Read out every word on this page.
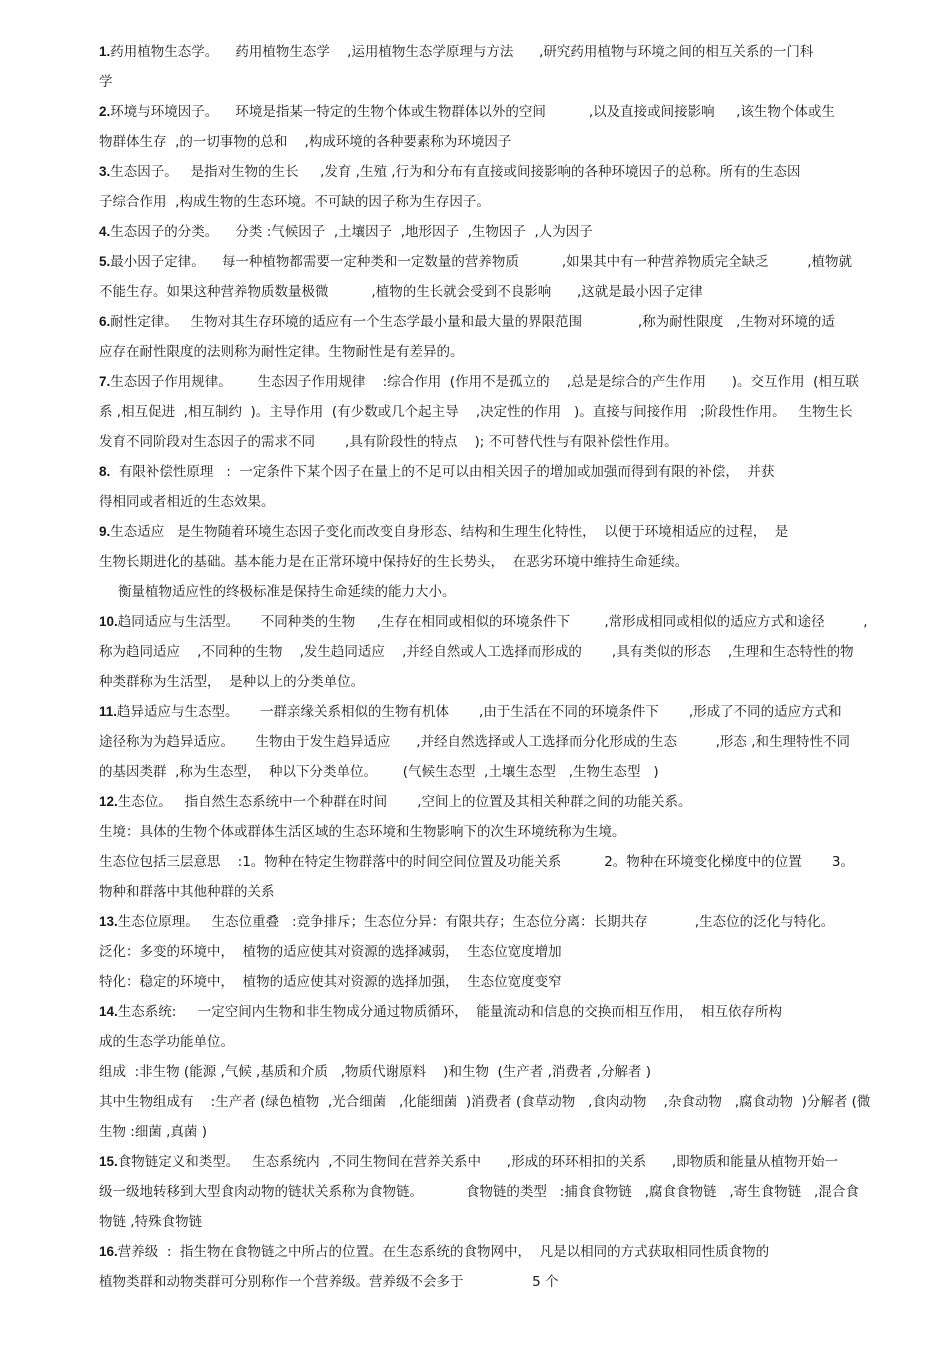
1.药用植物生态学。    药用植物生态学    ,运用植物生态学原理与方法      ,研究药用植物与环境之间的相互关系的一门科
学
2.环境与环境因子。    环境是指某一特定的生物个体或生物群体以外的空间          ,以及直接或间接影响     ,该生物个体或生
物群体生存  ,的一切事物的总和    ,构成环境的各种要素称为环境因子
3.生态因子。   是指对生物的生长     ,发育 ,生殖 ,行为和分布有直接或间接影响的各种环境因子的总称。所有的生态因
子综合作用  ,构成生物的生态环境。不可缺的因子称为生存因子。
4.生态因子的分类。    分类 :气候因子  ,土壤因子  ,地形因子  ,生物因子  ,人为因子
5.最小因子定律。    每一种植物都需要一定种类和一定数量的营养物质          ,如果其中有一种营养物质完全缺乏         ,植物就
不能生存。如果这种营养物质数量极微          ,植物的生长就会受到不良影响      ,这就是最小因子定律
6.耐性定律。   生物对其生存环境的适应有一个生态学最小量和最大量的界限范围             ,称为耐性限度   ,生物对环境的适
应存在耐性限度的法则称为耐性定律。生物耐性是有差异的。
7.生态因子作用规律。      生态因子作用规律    :综合作用  (作用不是孤立的    ,总是是综合的产生作用      )。交互作用  (相互联
系 ,相互促进  ,相互制约  )。主导作用  (有少数或几个起主导    ,决定性的作用   )。直接与间接作用   ;阶段性作用。   生物生长
发育不同阶段对生态因子的需求不同       ,具有阶段性的特点    ); 不可替代性与有限补偿性作用。
8.  有限补偿性原理   :  一定条件下某个因子在量上的不足可以由相关因子的增加或加强而得到有限的补偿，  并获
得相同或者相近的生态效果。
9.生态适应   是生物随着环境生态因子变化而改变自身形态、结构和生理生化特性，  以便于环境相适应的过程，  是
生物长期进化的基础。基本能力是在正常环境中保持好的生长势头，  在恶劣环境中维持生命延续。
衡量植物适应性的终极标准是保持生命延续的能力大小。
10.趋同适应与生活型。     不同种类的生物     ,生存在相同或相似的环境条件下        ,常形成相同或相似的适应方式和途径         ,
称为趋同适应    ,不同种的生物    ,发生趋同适应    ,并经自然或人工选择而形成的       ,具有类似的形态    ,生理和生态特性的物
种类群称为生活型，  是种以上的分类单位。
11.趋异适应与生态型。     一群亲缘关系相似的生物有机体       ,由于生活在不同的环境条件下       ,形成了不同的适应方式和
途径称为为趋异适应。     生物由于发生趋异适应      ,并经自然选择或人工选择而分化形成的生态         ,形态 ,和生理特性不同
的基因类群  ,称为生态型，  种以下分类单位。      (气候生态型  ,土壤生态型   ,生物生态型   )
12.生态位。   指自然生态系统中一个种群在时间       ,空间上的位置及其相关种群之间的功能关系。
生境：具体的生物个体或群体生活区域的生态环境和生物影响下的次生环境统称为生境。
生态位包括三层意思    :1。物种在特定生物群落中的时间空间位置及功能关系          2。物种在环境变化梯度中的位置       3。
物种和群落中其他种群的关系
13.生态位原理。   生态位重叠   :竞争排斥；生态位分异：有限共存；生态位分离：长期共存           ,生态位的泛化与特化。
泛化：多变的环境中，  植物的适应使其对资源的选择减弱，  生态位宽度增加
特化：稳定的环境中，  植物的适应使其对资源的选择加强，  生态位宽度变窄
14.生态系统:     一定空间内生物和非生物成分通过物质循环，  能量流动和信息的交换而相互作用，  相互依存所构
成的生态学功能单位。
组成  :非生物 (能源 ,气候 ,基质和介质   ,物质代谢原料    )和生物  (生产者 ,消费者 ,分解者 )
其中生物组成有    :生产者 (绿色植物  ,光合细菌   ,化能细菌  )消费者 (食草动物   ,食肉动物    ,杂食动物   ,腐食动物  )分解者 (微
生物 :细菌 ,真菌 )
15.食物链定义和类型。   生态系统内  ,不同生物间在营养关系中      ,形成的环环相扣的关系      ,即物质和能量从植物开始一
级一级地转移到大型食肉动物的链状关系称为食物链。          食物链的类型   :捕食食物链   ,腐食食物链   ,寄生食物链   ,混合食
物链 ,特殊食物链
16.营养级  :  指生物在食物链之中所占的位置。在生态系统的食物网中，  凡是以相同的方式获取相同性质食物的
植物类群和动物类群可分别称作一个营养级。营养级不会多于                5 个
